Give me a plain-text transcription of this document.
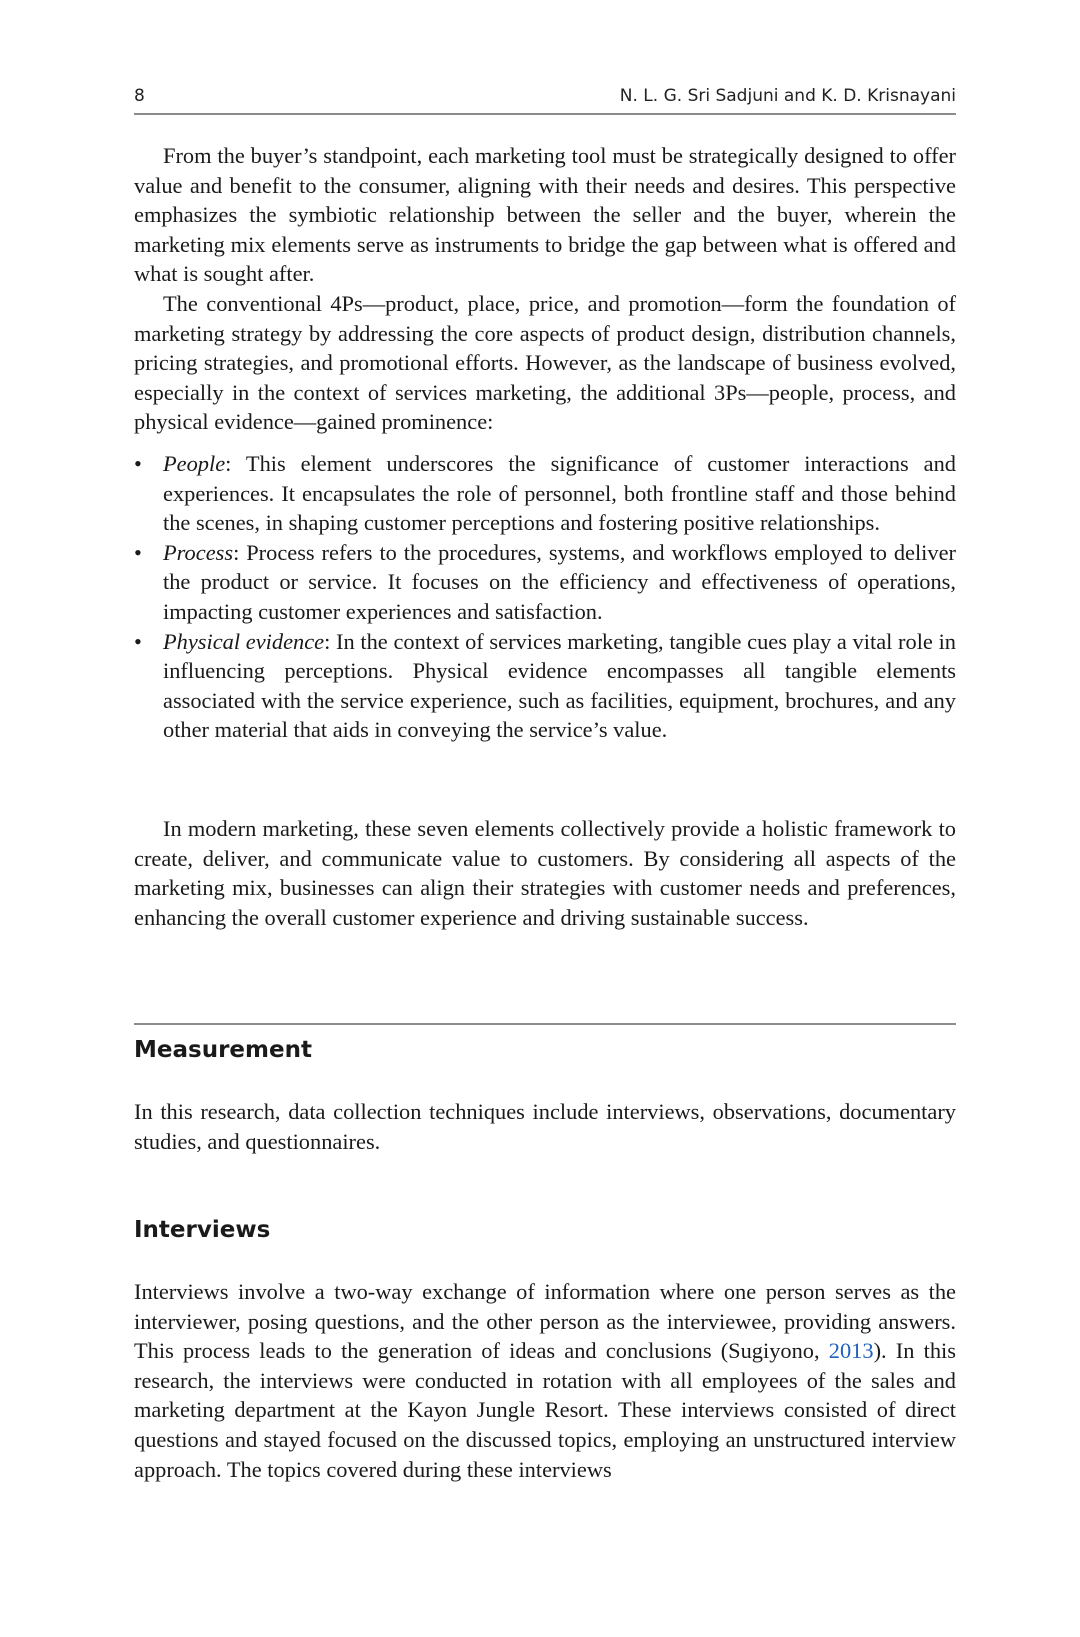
8	N. L. G. Sri Sadjuni and K. D. Krisnayani

From the buyer’s standpoint, each marketing tool must be strategically designed to offer value and benefit to the consumer, aligning with their needs and desires. This perspective emphasizes the symbiotic relationship between the seller and the buyer, wherein the marketing mix elements serve as instruments to bridge the gap between what is offered and what is sought after.

The conventional 4Ps—product, place, price, and promotion—form the foundation of marketing strategy by addressing the core aspects of product design, distribution channels, pricing strategies, and promotional efforts. However, as the landscape of business evolved, especially in the context of services marketing, the additional 3Ps—people, process, and physical evidence—gained prominence:

• People: This element underscores the significance of customer interactions and experiences. It encapsulates the role of personnel, both frontline staff and those behind the scenes, in shaping customer perceptions and fostering positive relationships.
• Process: Process refers to the procedures, systems, and workflows employed to deliver the product or service. It focuses on the efficiency and effectiveness of operations, impacting customer experiences and satisfaction.
• Physical evidence: In the context of services marketing, tangible cues play a vital role in influencing perceptions. Physical evidence encompasses all tangible elements associated with the service experience, such as facilities, equipment, brochures, and any other material that aids in conveying the service’s value.

In modern marketing, these seven elements collectively provide a holistic framework to create, deliver, and communicate value to customers. By considering all aspects of the marketing mix, businesses can align their strategies with customer needs and preferences, enhancing the overall customer experience and driving sustainable success.

Measurement

In this research, data collection techniques include interviews, observations, documentary studies, and questionnaires.

Interviews

Interviews involve a two-way exchange of information where one person serves as the interviewer, posing questions, and the other person as the interviewee, providing answers. This process leads to the generation of ideas and conclusions (Sugiyono, 2013). In this research, the interviews were conducted in rotation with all employees of the sales and marketing department at the Kayon Jungle Resort. These interviews consisted of direct questions and stayed focused on the discussed topics, employing an unstructured interview approach. The topics covered during these interviews
